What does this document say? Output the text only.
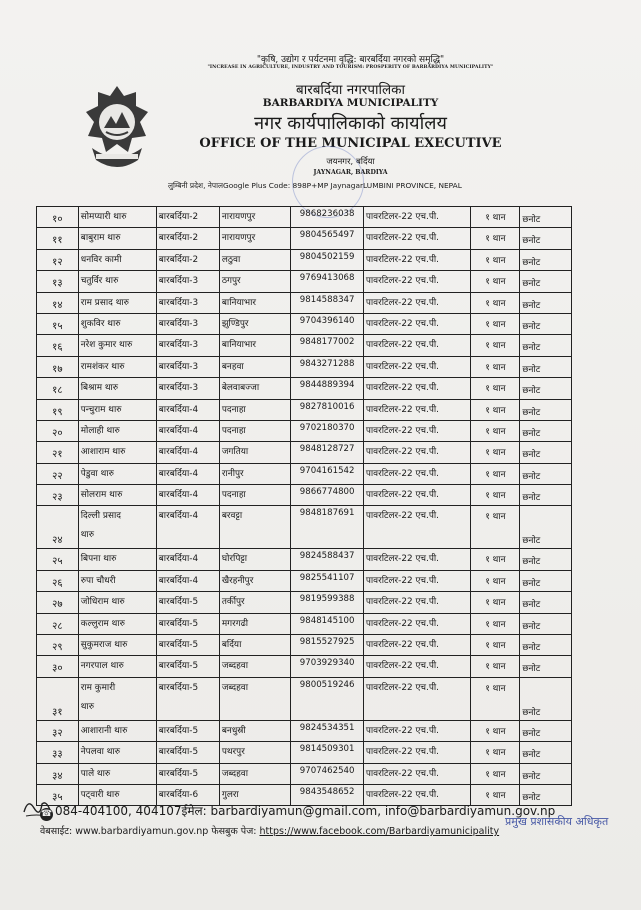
"कृषि, उद्योग र पर्यटनमा वृद्धि: बारबर्दिया नगरको समृद्धि"
"INCREASE IN AGRICULTURE, INDUSTRY AND TOURISM: PROSPERITY OF BARBARDIYA MUNICIPALITY"
बारबर्दिया नगरपालिका
BARBARDIYA MUNICIPALITY
नगर कार्यपालिकाको कार्यालय
OFFICE OF THE MUNICIPAL EXECUTIVE
जयनगर, बर्दिया
JAYNAGAR, BARDIYA
लुम्बिनी प्रदेश, नेपालGoogle Plus Code: 898P+MP JaynagarLUMBINI PROVINCE, NEPAL
१०	सोमप्यारी थारु	बारबर्दिया-2	नारायणपुर	9868236038	पावरटिलर-22 एच.पी.	१ थान	छनोट
११	बाबुराम थारु	बारबर्दिया-2	नारायणपुर	9804565497	पावरटिलर-22 एच.पी.	१ थान	छनोट
१२	धनविर कामी	बारबर्दिया-2	लठुवा	9804502159	पावरटिलर-22 एच.पी.	१ थान	छनोट
१३	चतुर्विर थारु	बारबर्दिया-3	ठगपुर	9769413068	पावरटिलर-22 एच.पी.	१ थान	छनोट
१४	राम प्रसाद थारु	बारबर्दिया-3	बानियाभार	9814588347	पावरटिलर-22 एच.पी.	१ थान	छनोट
१५	शुकविर थारु	बारबर्दिया-3	झुण्डिपुर	9704396140	पावरटिलर-22 एच.पी.	१ थान	छनोट
१६	नरेश कुमार थारु	बारबर्दिया-3	बानियाभार	9848177002	पावरटिलर-22 एच.पी.	१ थान	छनोट
१७	रामशंकर थारु	बारबर्दिया-3	बनहवा	9843271288	पावरटिलर-22 एच.पी.	१ थान	छनोट
१८	बिश्राम थारु	बारबर्दिया-3	बेलवाबज्जा	9844889394	पावरटिलर-22 एच.पी.	१ थान	छनोट
१९	पन्चुराम थारु	बारबर्दिया-4	पदनाहा	9827810016	पावरटिलर-22 एच.पी.	१ थान	छनोट
२०	मोलाही थारु	बारबर्दिया-4	पदनाहा	9702180370	पावरटिलर-22 एच.पी.	१ थान	छनोट
२१	आशाराम थारु	बारबर्दिया-4	जगतिया	9848128727	पावरटिलर-22 एच.पी.	१ थान	छनोट
२२	पेडुवा थारु	बारबर्दिया-4	रानीपुर	9704161542	पावरटिलर-22 एच.पी.	१ थान	छनोट
२३	सोलराम थारु	बारबर्दिया-4	पदनाहा	9866774800	पावरटिलर-22 एच.पी.	१ थान	छनोट
२४	दिल्ली प्रसाद
थारु	बारबर्दिया-4	बरवट्टा	9848187691	पावरटिलर-22 एच.पी.	१ थान	छनोट
२५	बिपना थारु	बारबर्दिया-4	घोरपिट्टा	9824588437	पावरटिलर-22 एच.पी.	१ थान	छनोट
२६	रुपा चौधरी	बारबर्दिया-4	खैरहनीपुर	9825541107	पावरटिलर-22 एच.पी.	१ थान	छनोट
२७	जोधिराम थारु	बारबर्दिया-5	तर्कीपुर	9819599388	पावरटिलर-22 एच.पी.	१ थान	छनोट
२८	कल्लुराम थारु	बारबर्दिया-5	मगरगढी	9848145100	पावरटिलर-22 एच.पी.	१ थान	छनोट
२९	सुकुमराज थारु	बारबर्दिया-5	बर्दिया	9815527925	पावरटिलर-22 एच.पी.	१ थान	छनोट
३०	नगरपाल थारु	बारबर्दिया-5	जब्दहवा	9703929340	पावरटिलर-22 एच.पी.	१ थान	छनोट
३१	राम कुमारी
थारु	बारबर्दिया-5	जब्दहवा	9800519246	पावरटिलर-22 एच.पी.	१ थान	छनोट
३२	आशारानी थारु	बारबर्दिया-5	बनधुस्री	9824534351	पावरटिलर-22 एच.पी.	१ थान	छनोट
३३	नेपलवा थारु	बारबर्दिया-5	पथरपुर	9814509301	पावरटिलर-22 एच.पी.	१ थान	छनोट
३४	पाले थारु	बारबर्दिया-5	जब्दहवा	9707462540	पावरटिलर-22 एच.पी.	१ थान	छनोट
३५	पट्वारी थारु	बारबर्दिया-6	गुलरा	9843548652	पावरटिलर-22 एच.पी.	१ थान	छनोट
☎ 084-404100, 404107ईमेल: barbardiyamun@gmail.com, info@barbardiyamun.gov.np
वेबसाईट: www.barbardiyamun.gov.np फेसबुक पेज: https://www.facebook.com/Barbardiyamunicipality
प्रमुख प्रशासकीय अधिकृत
